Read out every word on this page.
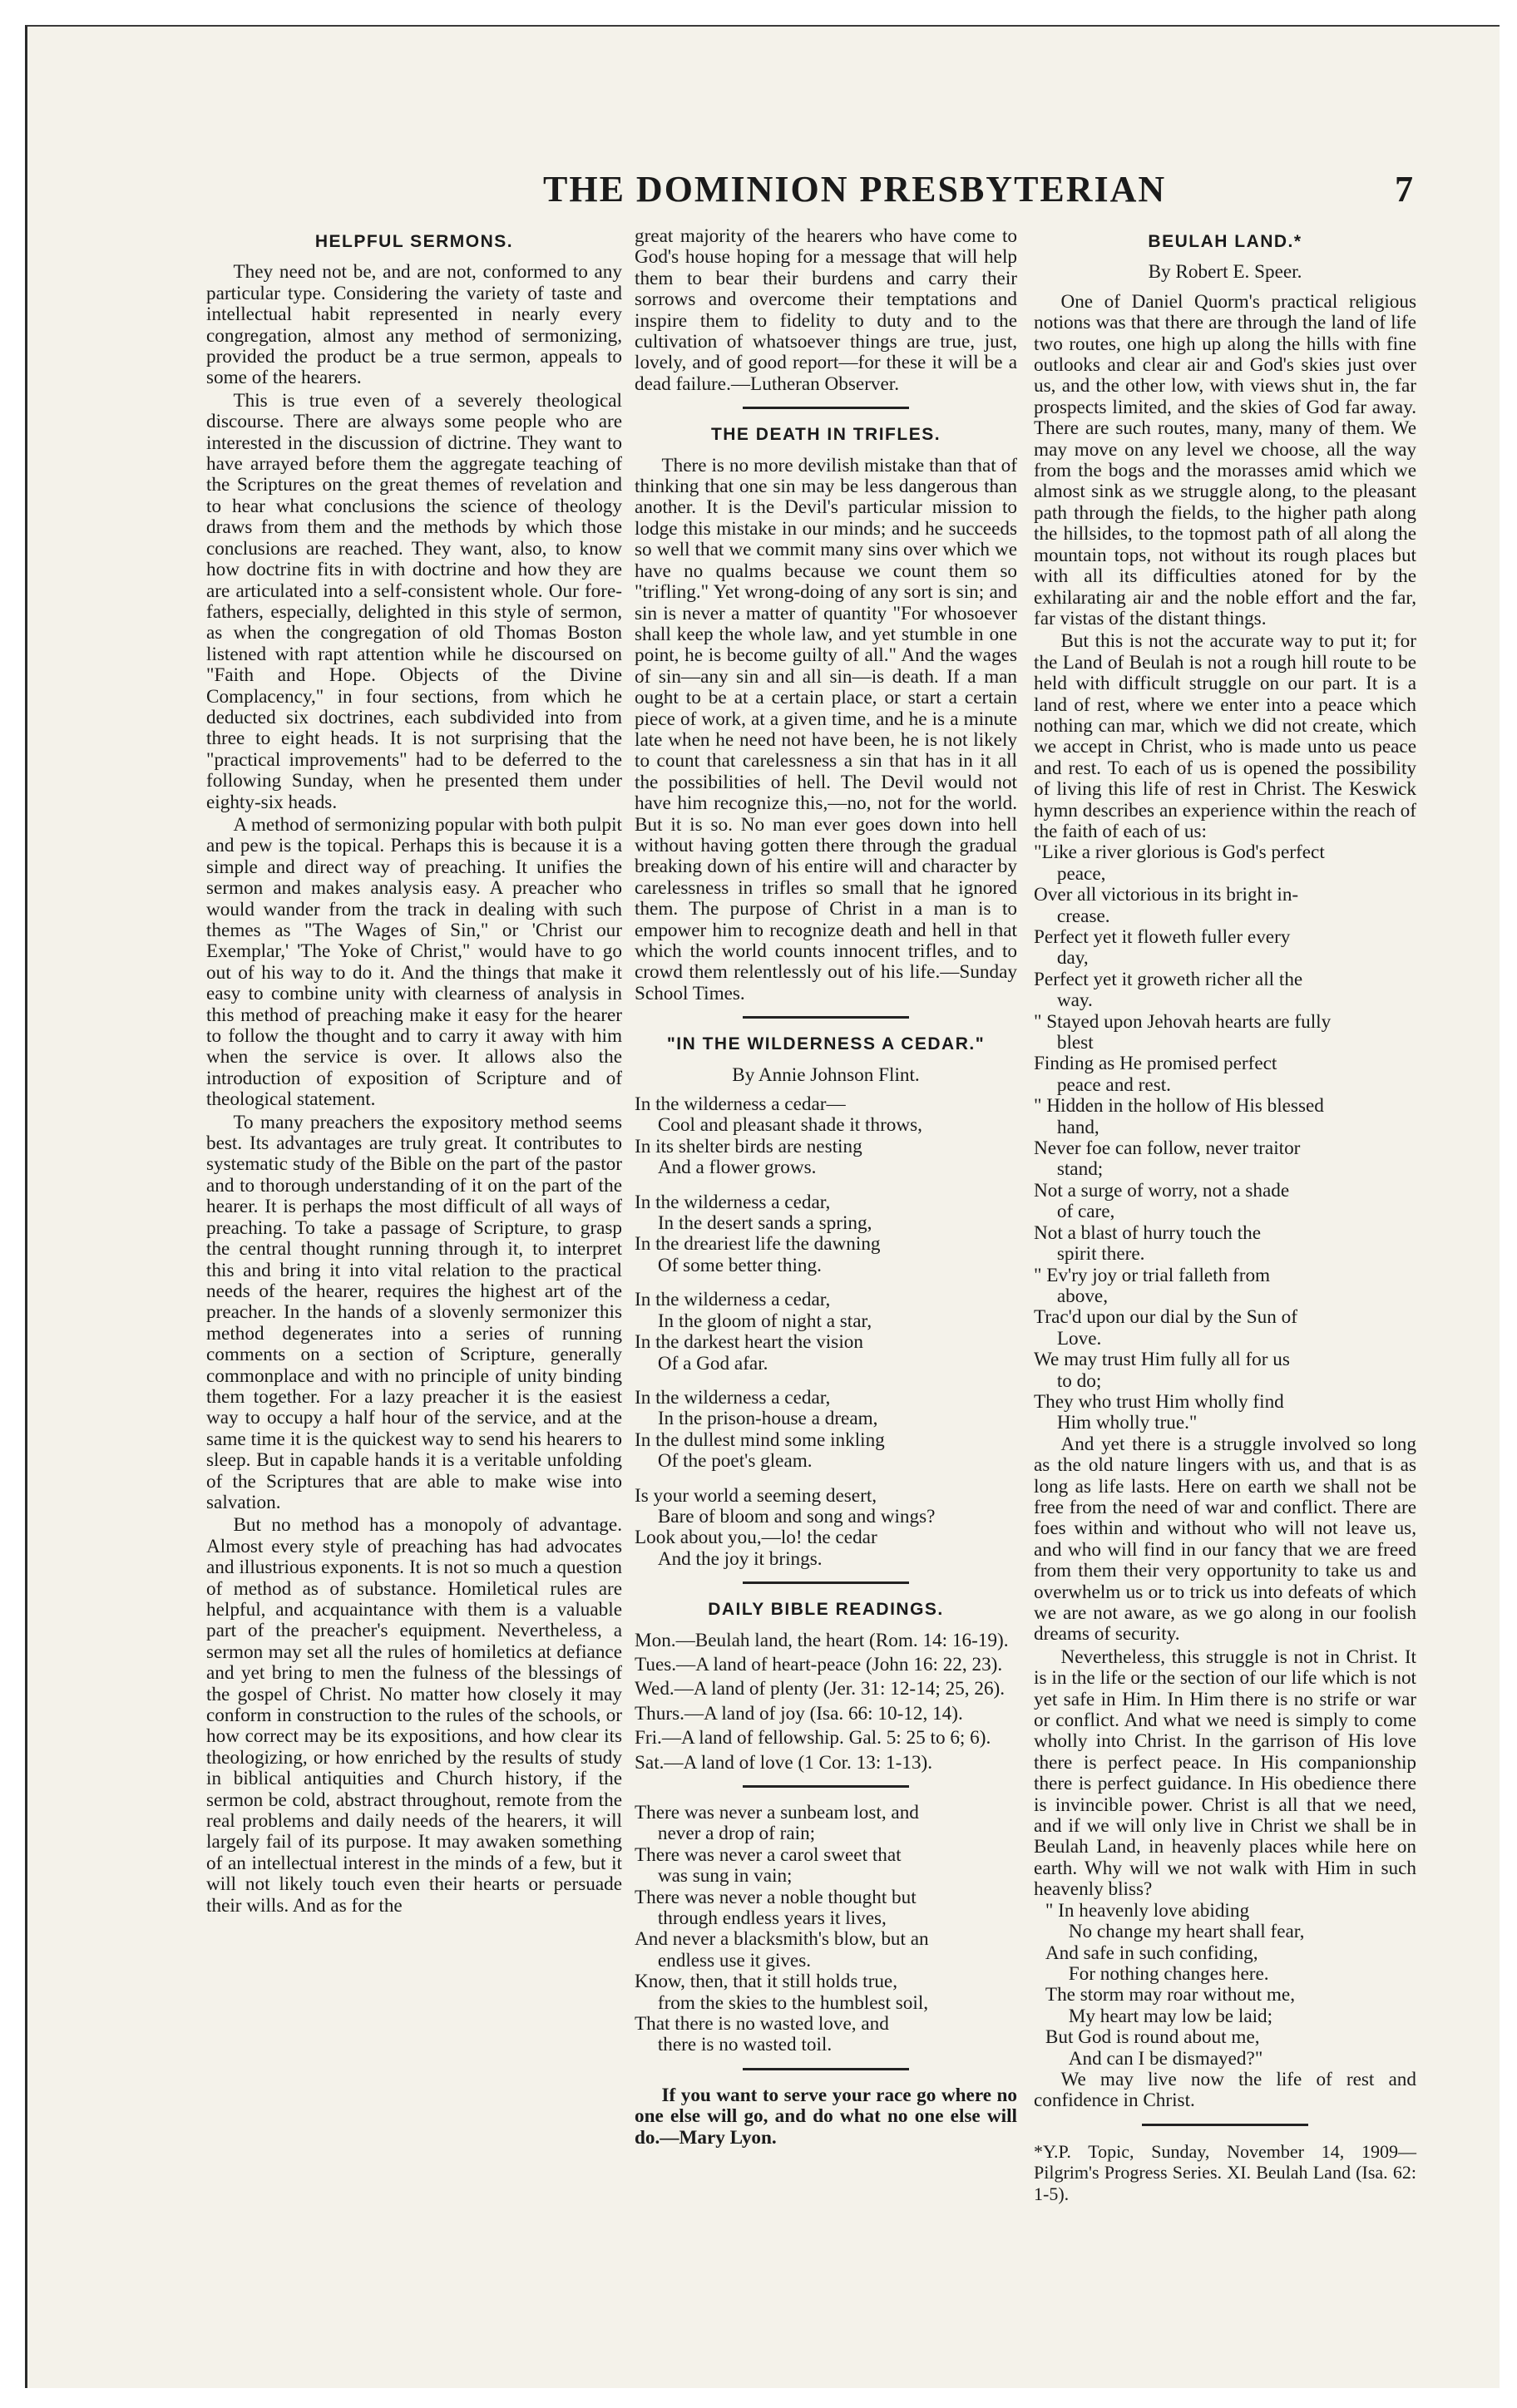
THE DOMINION PRESBYTERIAN	7
HELPFUL SERMONS.

They need not be, and are not, conformed to any particular type. Considering the variety of taste and intellectual habit represented in nearly every congregation, almost any method of sermonizing, provided the product be a true sermon, appeals to some of the hearers.

This is true even of a severely theological discourse. There are always some people who are interested in the discussion of dictrine. They want to have arrayed before them the aggregate teaching of the Scriptures on the great themes of revelation and to hear what conclusions the science of theology draws from them and the methods by which those conclusions are reached. They want, also, to know how doctrine fits in with doctrine and how they are are articulated into a self-consistent whole. Our fore-fathers, especially, delighted in this style of sermon, as when the congregation of old Thomas Boston listened with rapt attention while he discoursed on "Faith and Hope. Objects of the Divine Complacency," in four sections, from which he deducted six doctrines, each subdivided into from three to eight heads. It is not surprising that the "practical improvements" had to be deferred to the following Sunday, when he presented them under eighty-six heads.

A method of sermonizing popular with both pulpit and pew is the topical. Perhaps this is because it is a simple and direct way of preaching. It unifies the sermon and makes analysis easy. A preacher who would wander from the track in dealing with such themes as "The Wages of Sin," or 'Christ our Exemplar,' 'The Yoke of Christ," would have to go out of his way to do it. And the things that make it easy to combine unity with clearness of analysis in this method of preaching make it easy for the hearer to follow the thought and to carry it away with him when the service is over. It allows also the introduction of exposition of Scripture and of theological statement.

To many preachers the expository method seems best. Its advantages are truly great. It contributes to systematic study of the Bible on the part of the pastor and to thorough understanding of it on the part of the hearer. It is perhaps the most difficult of all ways of preaching. To take a passage of Scripture, to grasp the central thought running through it, to interpret this and bring it into vital relation to the practical needs of the hearer, requires the highest art of the preacher. In the hands of a slovenly sermonizer this method degenerates into a series of running comments on a section of Scripture, generally commonplace and with no principle of unity binding them together. For a lazy preacher it is the easiest way to occupy a half hour of the service, and at the same time it is the quickest way to send his hearers to sleep. But in capable hands it is a veritable unfolding of the Scriptures that are able to make wise into salvation.

But no method has a monopoly of advantage. Almost every style of preaching has had advocates and illustrious exponents. It is not so much a question of method as of substance. Homiletical rules are helpful, and acquaintance with them is a valuable part of the preacher's equipment. Nevertheless, a sermon may set all the rules of homiletics at defiance and yet bring to men the fulness of the blessings of the gospel of Christ. No matter how closely it may conform in construction to the rules of the schools, or how correct may be its expositions, and how clear its theologizing, or how enriched by the results of study in biblical antiquities and Church history, if the sermon be cold, abstract throughout, remote from the real problems and daily needs of the hearers, it will largely fail of its purpose. It may awaken something of an intellectual interest in the minds of a few, but it will not likely touch even their hearts or persuade their wills. And as for the

great majority of the hearers who have come to God's house hoping for a message that will help them to bear their burdens and carry their sorrows and overcome their temptations and inspire them to fidelity to duty and to the cultivation of whatsoever things are true, just, lovely, and of good report—for these it will be a dead failure.—Lutheran Observer.

THE DEATH IN TRIFLES.

There is no more devilish mistake than that of thinking that one sin may be less dangerous than another. It is the Devil's particular mission to lodge this mistake in our minds; and he succeeds so well that we commit many sins over which we have no qualms because we count them so "trifling." Yet wrong-doing of any sort is sin; and sin is never a matter of quantity "For whosoever shall keep the whole law, and yet stumble in one point, he is become guilty of all." And the wages of sin—any sin and all sin—is death. If a man ought to be at a certain place, or start a certain piece of work, at a given time, and he is a minute late when he need not have been, he is not likely to count that carelessness a sin that has in it all the possibilities of hell. The Devil would not have him recognize this,—no, not for the world. But it is so. No man ever goes down into hell without having gotten there through the gradual breaking down of his entire will and character by carelessness in trifles so small that he ignored them. The purpose of Christ in a man is to empower him to recognize death and hell in that which the world counts innocent trifles, and to crowd them relentlessly out of his life.—Sunday School Times.

"IN THE WILDERNESS A CEDAR."
By Annie Johnson Flint.
In the wilderness a cedar—
Cool and pleasant shade it throws,
In its shelter birds are nesting
And a flower grows.
In the wilderness a cedar,
In the desert sands a spring,
In the dreariest life the dawning
Of some better thing.
In the wilderness a cedar,
In the gloom of night a star,
In the darkest heart the vision
Of a God afar.
In the wilderness a cedar,
In the prison-house a dream,
In the dullest mind some inkling
Of the poet's gleam.
Is your world a seeming desert,
Bare of bloom and song and wings?
Look about you,—lo! the cedar
And the joy it brings.
DAILY BIBLE READINGS.
Mon.—Beulah land, the heart (Rom. 14: 16-19).
Tues.—A land of heart-peace (John 16: 22, 23).
Wed.—A land of plenty (Jer. 31: 12-14; 25, 26).
Thurs.—A land of joy (Isa. 66: 10-12, 14).
Fri.—A land of fellowship. Gal. 5: 25 to 6; 6).
Sat.—A land of love (1 Cor. 13: 1-13).
There was never a sunbeam lost, and
never a drop of rain;
There was never a carol sweet that
was sung in vain;
There was never a noble thought but
through endless years it lives,
And never a blacksmith's blow, but an
endless use it gives.
Know, then, that it still holds true,
from the skies to the humblest soil,
That there is no wasted love, and
there is no wasted toil.

If you want to serve your race go where no one else will go, and do what no one else will do.—Mary Lyon.

BEULAH LAND.*
By Robert E. Speer.

One of Daniel Quorm's practical religious notions was that there are through the land of life two routes, one high up along the hills with fine outlooks and clear air and God's skies just over us, and the other low, with views shut in, the far prospects limited, and the skies of God far away. There are such routes, many, many of them. We may move on any level we choose, all the way from the bogs and the morasses amid which we almost sink as we struggle along, to the pleasant path through the fields, to the higher path along the hillsides, to the topmost path of all along the mountain tops, not without its rough places but with all its difficulties atoned for by the exhilarating air and the noble effort and the far, far vistas of the distant things.

But this is not the accurate way to put it; for the Land of Beulah is not a rough hill route to be held with difficult struggle on our part. It is a land of rest, where we enter into a peace which nothing can mar, which we did not create, which we accept in Christ, who is made unto us peace and rest. To each of us is opened the possibility of living this life of rest in Christ. The Keswick hymn describes an experience within the reach of the faith of each of us:

"Like a river glorious is God's perfect
peace,
Over all victorious in its bright in-
crease.
Perfect yet it floweth fuller every
day,
Perfect yet it groweth richer all the
way.
" Stayed upon Jehovah hearts are fully
blest
Finding as He promised perfect
peace and rest.
" Hidden in the hollow of His blessed
hand,
Never foe can follow, never traitor
stand;
Not a surge of worry, not a shade
of care,
Not a blast of hurry touch the
spirit there.
" Ev'ry joy or trial falleth from
above,
Trac'd upon our dial by the Sun of
Love.
We may trust Him fully all for us
to do;
They who trust Him wholly find
Him wholly true."

And yet there is a struggle involved so long as the old nature lingers with us, and that is as long as life lasts. Here on earth we shall not be free from the need of war and conflict. There are foes within and without who will not leave us, and who will find in our fancy that we are freed from them their very opportunity to take us and overwhelm us or to trick us into defeats of which we are not aware, as we go along in our foolish dreams of security.

Nevertheless, this struggle is not in Christ. It is in the life or the section of our life which is not yet safe in Him. In Him there is no strife or war or conflict. And what we need is simply to come wholly into Christ. In the garrison of His love there is perfect peace. In His companionship there is perfect guidance. In His obedience there is invincible power. Christ is all that we need, and if we will only live in Christ we shall be in Beulah Land, in heavenly places while here on earth. Why will we not walk with Him in such heavenly bliss?

" In heavenly love abiding
No change my heart shall fear,
And safe in such confiding,
For nothing changes here.
The storm may roar without me,
My heart may low be laid;
But God is round about me,
And can I be dismayed?"

We may live now the life of rest and confidence in Christ.

*Y.P. Topic, Sunday, November 14, 1909—Pilgrim's Progress Series. XI. Beulah Land (Isa. 62: 1-5).
